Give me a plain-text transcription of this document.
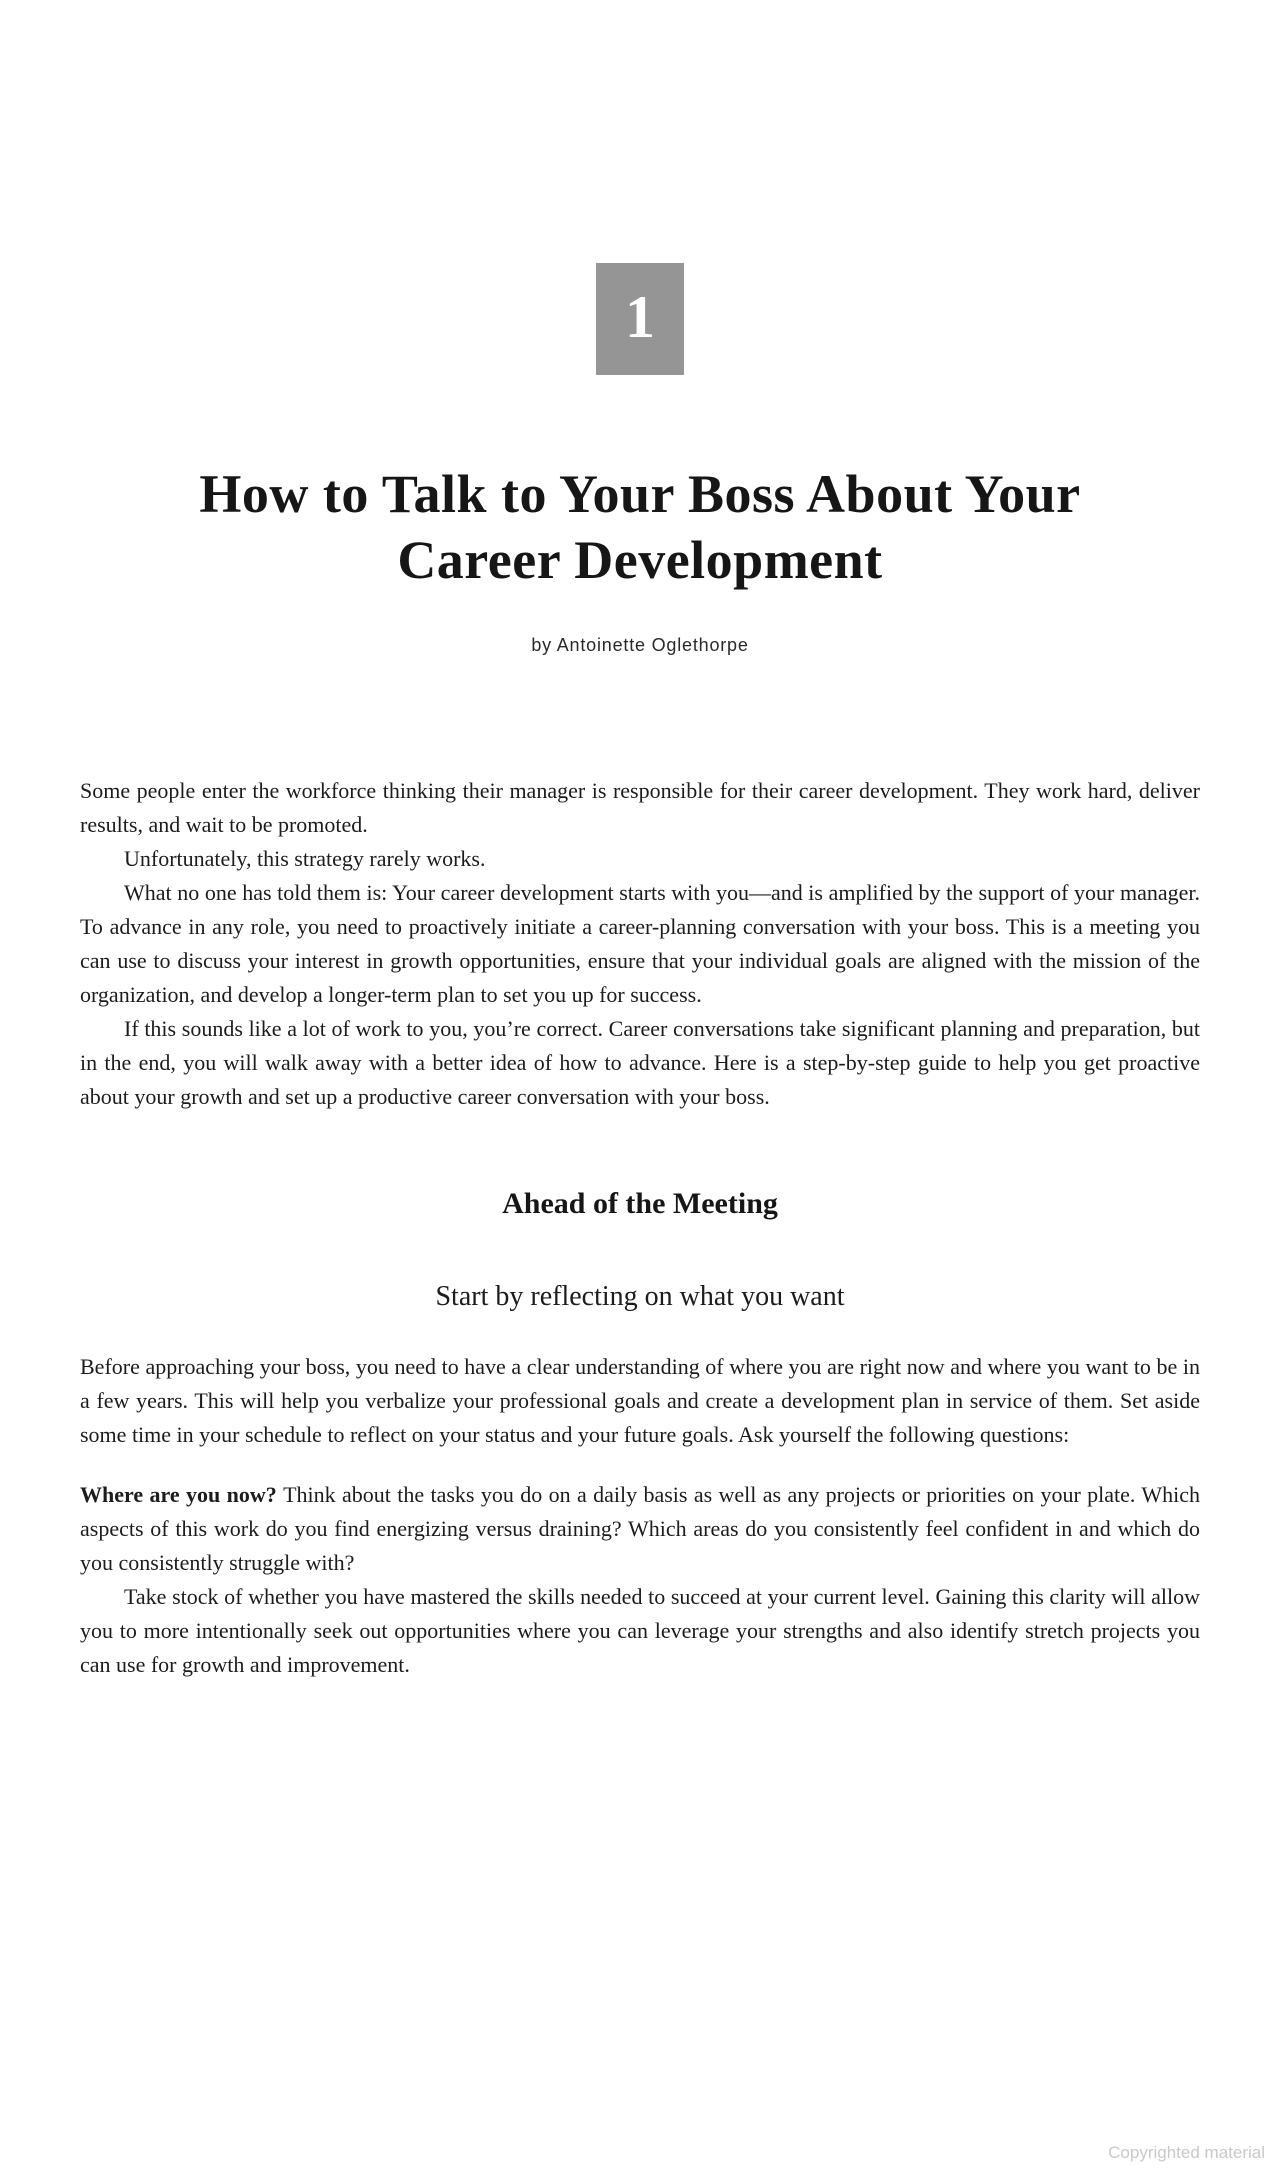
1
How to Talk to Your Boss About Your
Career Development
by Antoinette Oglethorpe

Some people enter the workforce thinking their manager is responsible for their career development. They work hard, deliver results, and wait to be promoted.

Unfortunately, this strategy rarely works.

What no one has told them is: Your career development starts with you—and is amplified by the support of your manager. To advance in any role, you need to proactively initiate a career-planning conversation with your boss. This is a meeting you can use to discuss your interest in growth opportunities, ensure that your individual goals are aligned with the mission of the organization, and develop a longer-term plan to set you up for success.

If this sounds like a lot of work to you, you’re correct. Career conversations take significant planning and preparation, but in the end, you will walk away with a better idea of how to advance. Here is a step-by-step guide to help you get proactive about your growth and set up a productive career conversation with your boss.

Ahead of the Meeting
Start by reflecting on what you want

Before approaching your boss, you need to have a clear understanding of where you are right now and where you want to be in a few years. This will help you verbalize your professional goals and create a development plan in service of them. Set aside some time in your schedule to reflect on your status and your future goals. Ask yourself the following questions:

Where are you now? Think about the tasks you do on a daily basis as well as any projects or priorities on your plate. Which aspects of this work do you find energizing versus draining? Which areas do you consistently feel confident in and which do you consistently struggle with?

Take stock of whether you have mastered the skills needed to succeed at your current level. Gaining this clarity will allow you to more intentionally seek out opportunities where you can leverage your strengths and also identify stretch projects you can use for growth and improvement.

Copyrighted material
